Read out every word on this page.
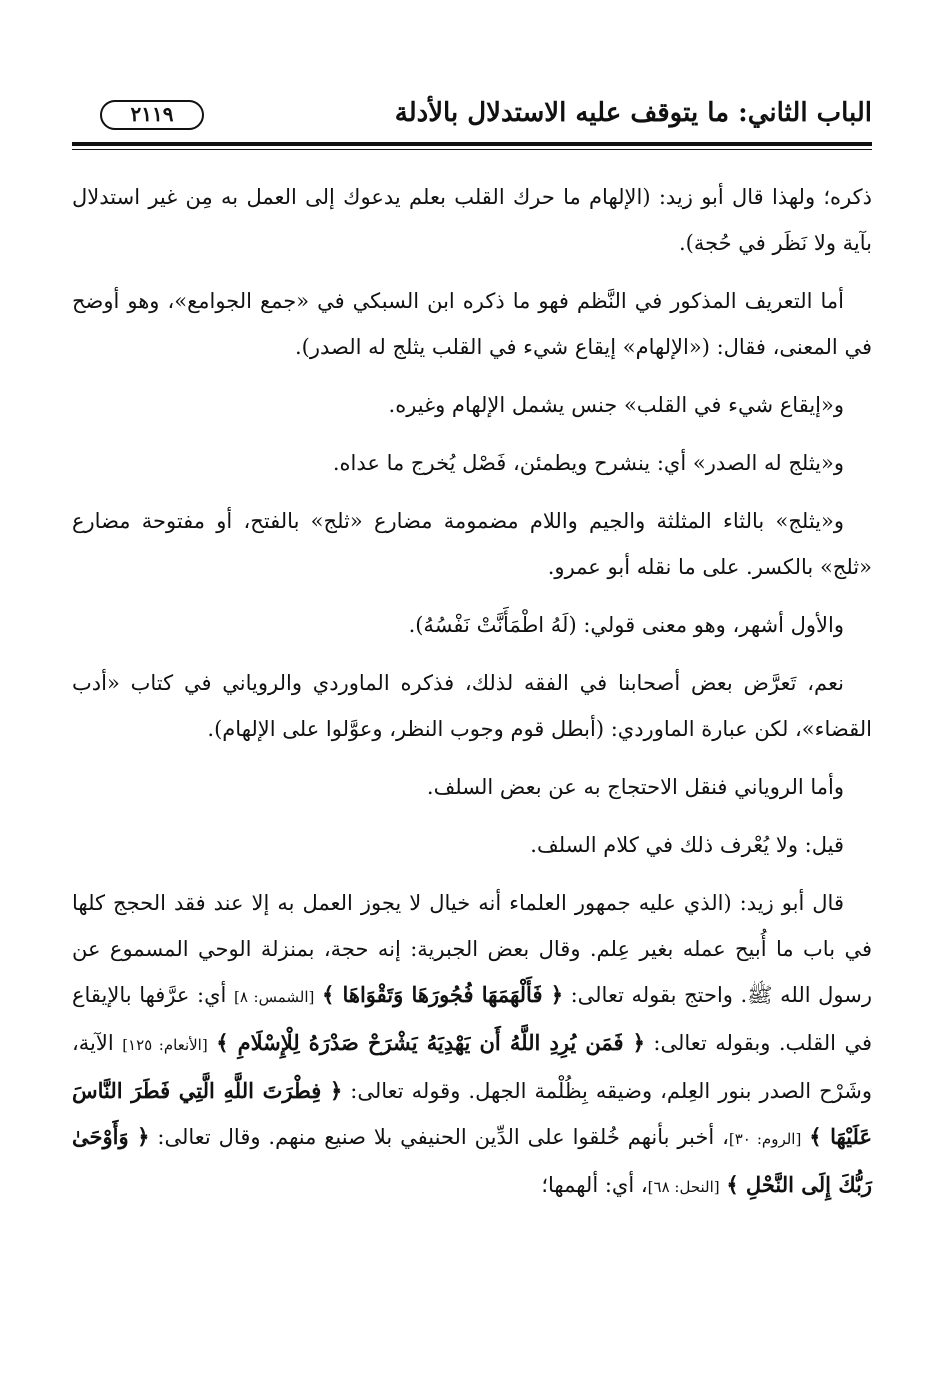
الباب الثاني: ما يتوقف عليه الاستدلال بالأدلة
٢١١٩

ذكره؛ ولهذا قال أبو زيد: (الإلهام ما حرك القلب بعلم يدعوك إلى العمل به مِن غير استدلال بآية ولا نَظَر في حُجة).

أما التعريف المذكور في النَّظم فهو ما ذكره ابن السبكي في «جمع الجوامع»، وهو أوضح في المعنى، فقال: («الإلهام» إيقاع شيء في القلب يثلج له الصدر).

و«إيقاع شيء في القلب» جنس يشمل الإلهام وغيره.

و«يثلج له الصدر» أي: ينشرح ويطمئن، فَصْل يُخرج ما عداه.

و«يثلج» بالثاء المثلثة والجيم واللام مضمومة مضارع «ثلج» بالفتح، أو مفتوحة مضارع «ثلج» بالكسر. على ما نقله أبو عمرو.

والأول أشهر، وهو معنى قولي: (لَهُ اطْمَأَنَّتْ نَفْسُهُ).

نعم، تَعرَّض بعض أصحابنا في الفقه لذلك، فذكره الماوردي والروياني في كتاب «أدب القضاء»، لكن عبارة الماوردي: (أبطل قوم وجوب النظر، وعوَّلوا على الإلهام).

وأما الروياني فنقل الاحتجاج به عن بعض السلف.

قيل: ولا يُعْرف ذلك في كلام السلف.

قال أبو زيد: (الذي عليه جمهور العلماء أنه خيال لا يجوز العمل به إلا عند فقد الحجج كلها في باب ما أُبيح عمله بغير عِلم. وقال بعض الجبرية: إنه حجة، بمنزلة الوحي المسموع عن رسول الله ﷺ. واحتج بقوله تعالى: ﴿ فَأَلْهَمَهَا فُجُورَهَا وَتَقْوَاهَا ﴾ [الشمس: ٨] أي: عرَّفها بالإيقاع في القلب. وبقوله تعالى: ﴿ فَمَن يُرِدِ اللَّهُ أَن يَهْدِيَهُ يَشْرَحْ صَدْرَهُ لِلْإِسْلَامِ ﴾ [الأنعام: ١٢٥] الآية، وشَرْح الصدر بنور العِلم، وضيقه بِظُلْمة الجهل. وقوله تعالى: ﴿ فِطْرَتَ اللَّهِ الَّتِي فَطَرَ النَّاسَ عَلَيْهَا ﴾ [الروم: ٣٠]، أخبر بأنهم خُلقوا على الدِّين الحنيفي بلا صنيع منهم. وقال تعالى: ﴿ وَأَوْحَىٰ رَبُّكَ إِلَى النَّحْلِ ﴾ [النحل: ٦٨]، أي: ألهمها؛
